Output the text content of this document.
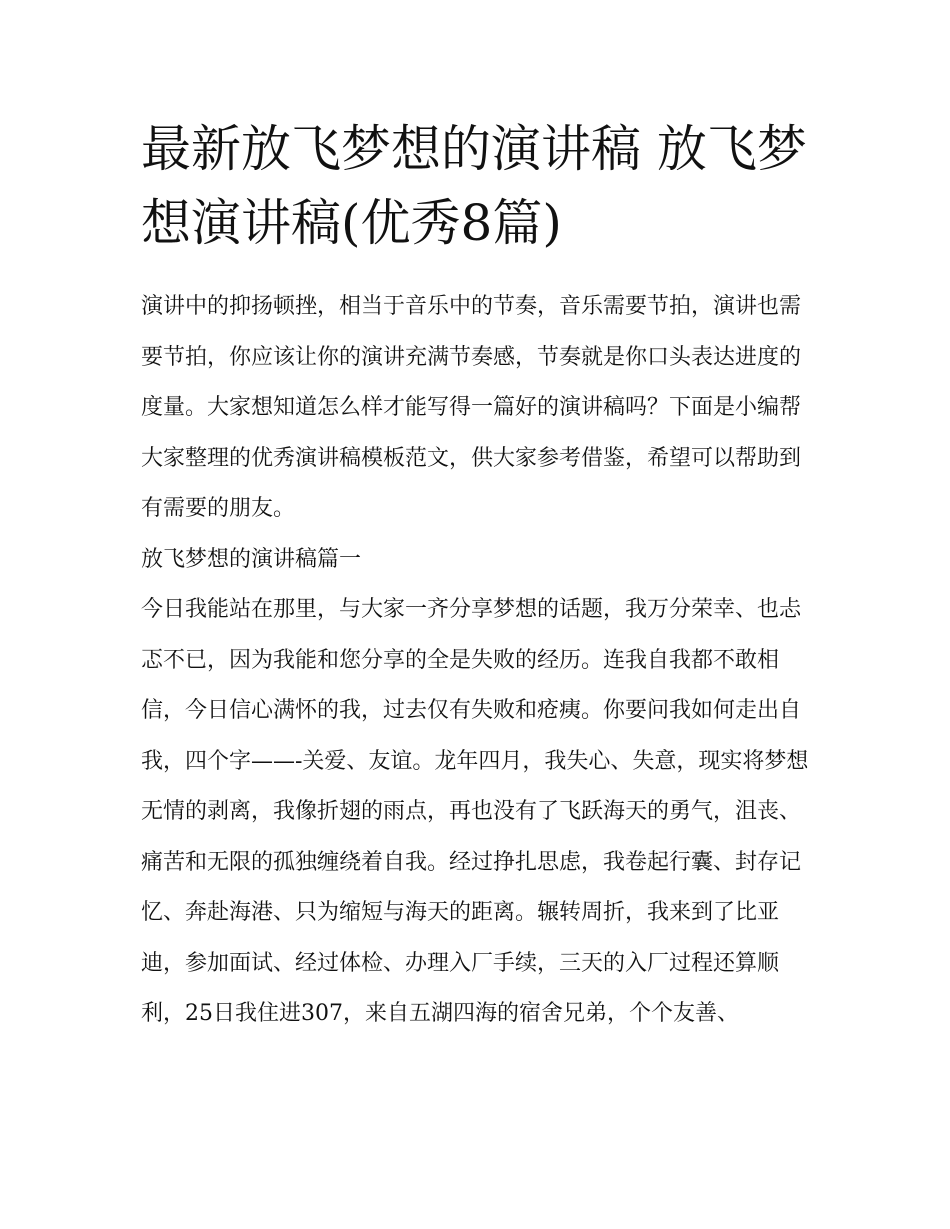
最新放飞梦想的演讲稿 放飞梦想演讲稿(优秀8篇)

演讲中的抑扬顿挫，相当于音乐中的节奏，音乐需要节拍，演讲也需要节拍，你应该让你的演讲充满节奏感，节奏就是你口头表达进度的度量。大家想知道怎么样才能写得一篇好的演讲稿吗？下面是小编帮大家整理的优秀演讲稿模板范文，供大家参考借鉴，希望可以帮助到有需要的朋友。

放飞梦想的演讲稿篇一

今日我能站在那里，与大家一齐分享梦想的话题，我万分荣幸、也忐忑不已，因为我能和您分享的全是失败的经历。连我自我都不敢相信，今日信心满怀的我，过去仅有失败和疮痍。你要问我如何走出自我，四个字——-关爱、友谊。龙年四月，我失心、失意，现实将梦想无情的剥离，我像折翅的雨点，再也没有了飞跃海天的勇气，沮丧、痛苦和无限的孤独缠绕着自我。经过挣扎思虑，我卷起行囊、封存记忆、奔赴海港、只为缩短与海天的距离。辗转周折，我来到了比亚迪，参加面试、经过体检、办理入厂手续，三天的入厂过程还算顺利，25日我住进307，来自五湖四海的宿舍兄弟，个个友善、
